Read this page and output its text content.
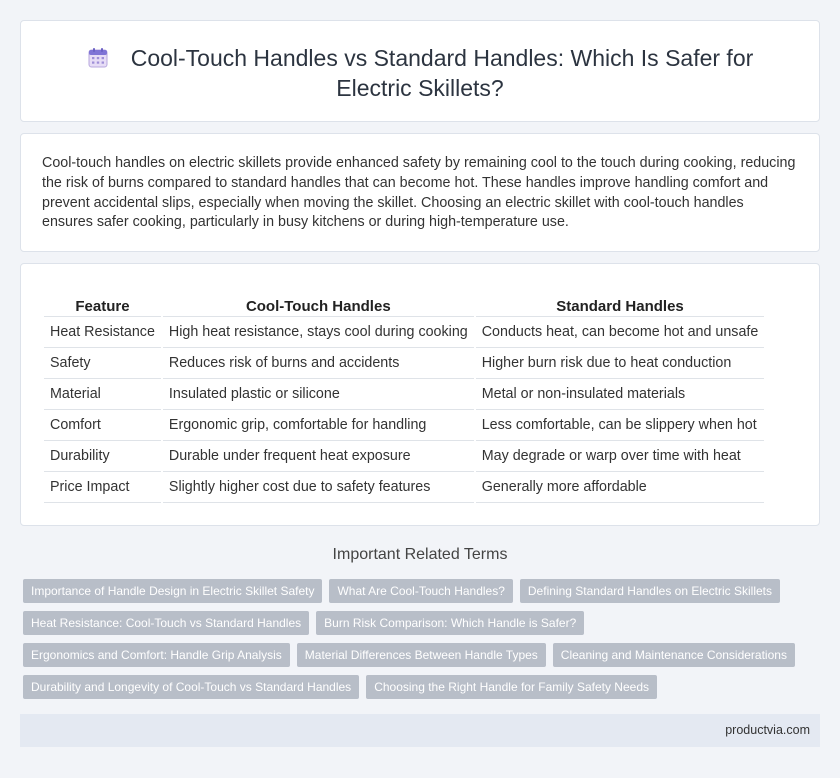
Cool-Touch Handles vs Standard Handles: Which Is Safer for Electric Skillets?

Cool-touch handles on electric skillets provide enhanced safety by remaining cool to the touch during cooking, reducing the risk of burns compared to standard handles that can become hot. These handles improve handling comfort and prevent accidental slips, especially when moving the skillet. Choosing an electric skillet with cool-touch handles ensures safer cooking, particularly in busy kitchens or during high-temperature use.

Feature	Cool-Touch Handles	Standard Handles
Heat Resistance	High heat resistance, stays cool during cooking	Conducts heat, can become hot and unsafe
Safety	Reduces risk of burns and accidents	Higher burn risk due to heat conduction
Material	Insulated plastic or silicone	Metal or non-insulated materials
Comfort	Ergonomic grip, comfortable for handling	Less comfortable, can be slippery when hot
Durability	Durable under frequent heat exposure	May degrade or warp over time with heat
Price Impact	Slightly higher cost due to safety features	Generally more affordable
Important Related Terms
Importance of Handle Design in Electric Skillet Safety	What Are Cool-Touch Handles?	Defining Standard Handles on Electric Skillets
Heat Resistance: Cool-Touch vs Standard Handles	Burn Risk Comparison: Which Handle is Safer?
Ergonomics and Comfort: Handle Grip Analysis	Material Differences Between Handle Types	Cleaning and Maintenance Considerations
Durability and Longevity of Cool-Touch vs Standard Handles	Choosing the Right Handle for Family Safety Needs
productvia.com
